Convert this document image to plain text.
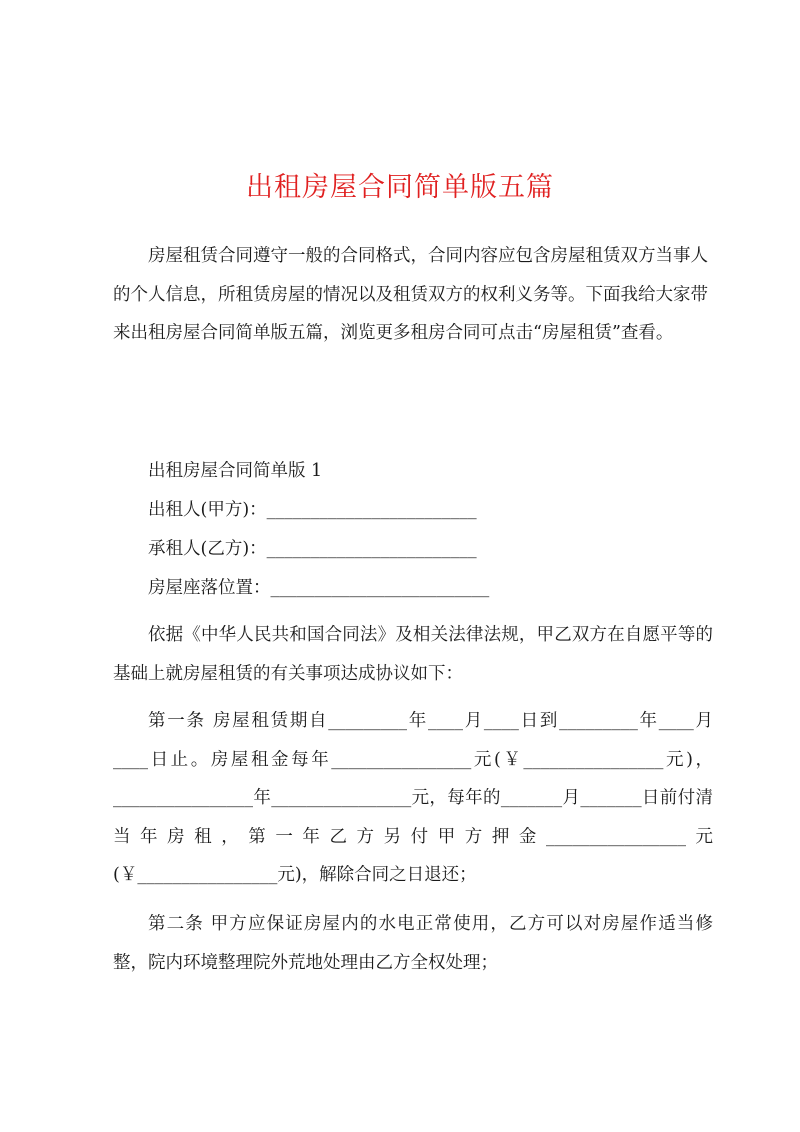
出租房屋合同简单版五篇

房屋租赁合同遵守一般的合同格式，合同内容应包含房屋租赁双方当事人的个人信息，所租赁房屋的情况以及租赁双方的权利义务等。下面我给大家带来出租房屋合同简单版五篇，浏览更多租房合同可点击“房屋租赁”查看。

出租房屋合同简单版 1
出租人(甲方)：________________________
承租人(乙方)：________________________
房屋座落位置：_________________________

依据《中华人民共和国合同法》及相关法律法规，甲乙双方在自愿平等的基础上就房屋租赁的有关事项达成协议如下：

第一条 房屋租赁期自_________年____月____日到_________年____月____日止。房屋租金每年________________元(￥________________元)，________________年________________元，每年的_______月_______日前付清当年房租，第一年乙方另付甲方押金________________元(￥________________元)，解除合同之日退还；

第二条 甲方应保证房屋内的水电正常使用，乙方可以对房屋作适当修整，院内环境整理院外荒地处理由乙方全权处理；
